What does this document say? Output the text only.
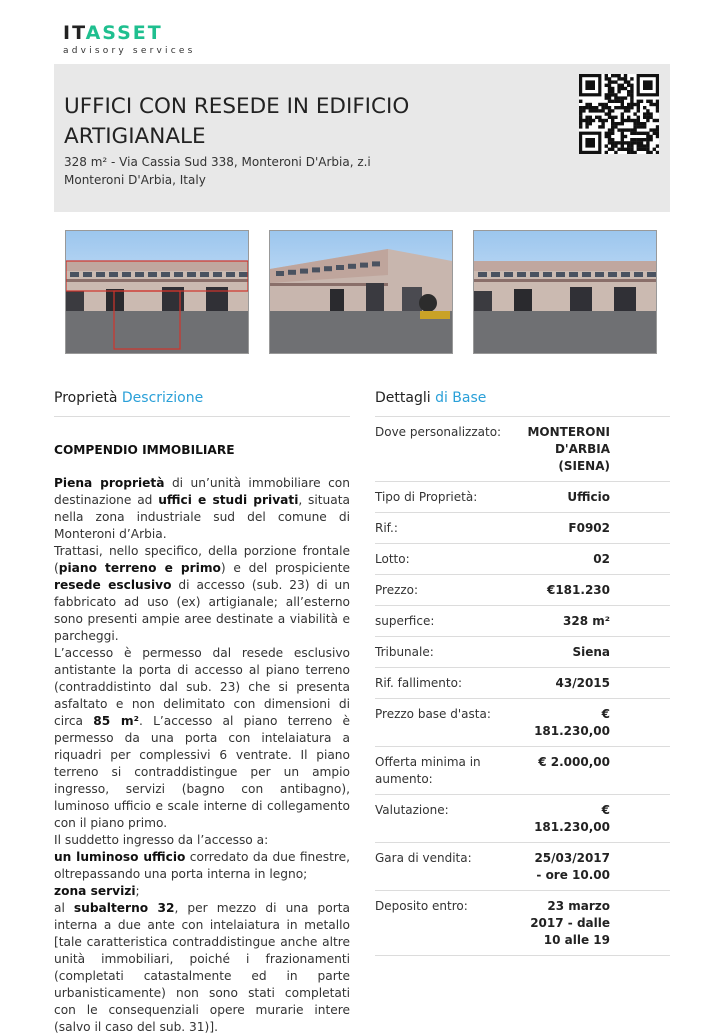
ITASSET
advisory services
UFFICI CON RESEDE IN EDIFICIO ARTIGIANALE
328 m² - Via Cassia Sud 338, Monteroni D'Arbia, z.i
Monteroni D'Arbia, Italy
Proprietà Descrizione

COMPENDIO IMMOBILIARE

Piena proprietà di un’unità immobiliare con destinazione ad uffici e studi privati, situata nella zona industriale sud del comune di Monteroni d’Arbia.

Trattasi, nello specifico, della porzione frontale (piano terreno e primo) e del prospiciente resede esclusivo di accesso (sub. 23) di un fabbricato ad uso (ex) artigianale; all’esterno sono presenti ampie aree destinate a viabilità e parcheggi.

L’accesso è permesso dal resede esclusivo antistante la porta di accesso al piano terreno (contraddistinto dal sub. 23) che si presenta asfaltato e non delimitato con dimensioni di circa 85 m². L’accesso al piano terreno è permesso da una porta con intelaiatura a riquadri per complessivi 6 ventrate. Il piano terreno si contraddistingue per un ampio ingresso, servizi (bagno con antibagno), luminoso ufficio e scale interne di collegamento con il piano primo.

Il suddetto ingresso da l’accesso a:

un luminoso ufficio corredato da due finestre, oltrepassando una porta interna in legno;

zona servizi;

al subalterno 32, per mezzo di una porta interna a due ante con intelaiatura in metallo [tale caratteristica contraddistingue anche altre unità immobiliari, poiché i frazionamenti (completati catastalmente ed in parte urbanisticamente) non sono stati completati con le consequenziali opere murarie intere (salvo il caso del sub. 31)].

Dettagli di Base
Dove personalizzato:	MONTERONI D'ARBIA (SIENA)
Tipo di Proprietà:	Ufficio
Rif.:	F0902
Lotto:	02
Prezzo:	€181.230
superfice:	328 m²
Tribunale:	Siena
Rif. fallimento:	43/2015
Prezzo base d'asta:	€ 181.230,00
Offerta minima in aumento:	€ 2.000,00
Valutazione:	€ 181.230,00
Gara di vendita:	25/03/2017 - ore 10.00
Deposito entro:	23 marzo 2017 - dalle 10 alle 19
